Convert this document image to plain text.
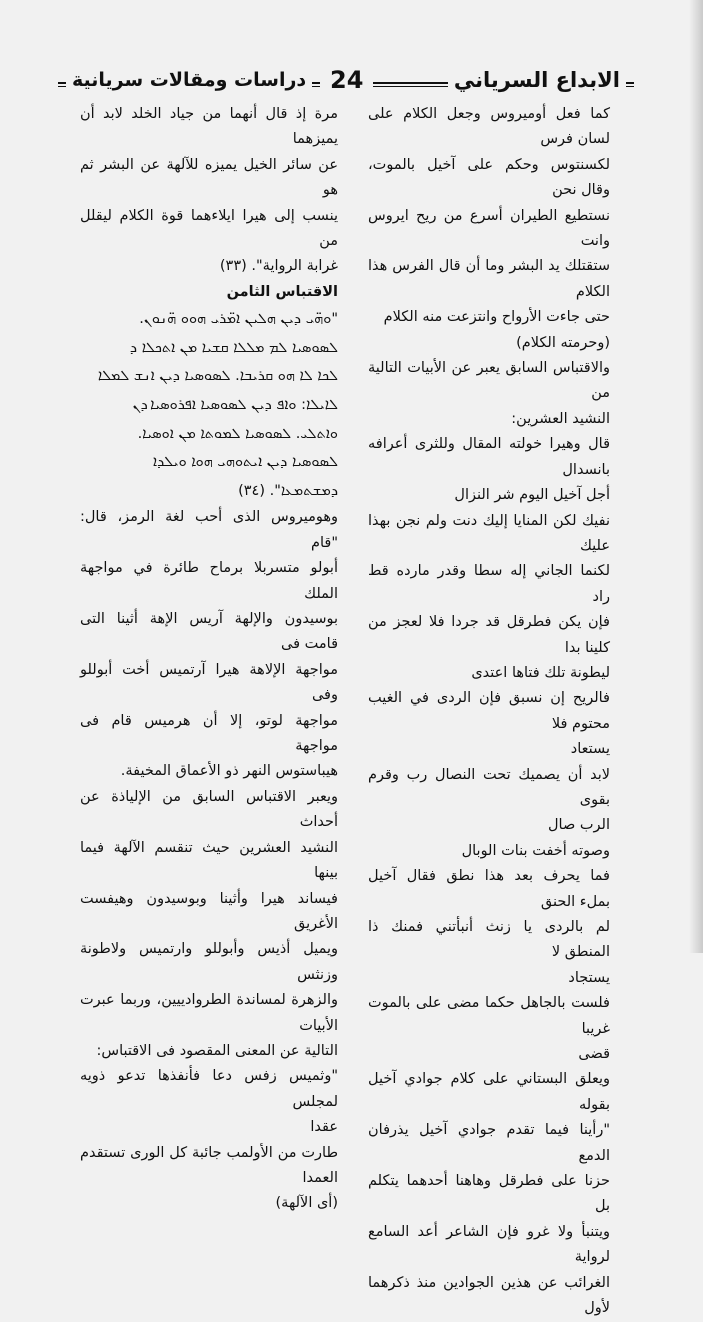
الابداع السرياني
24
دراسات ومقالات سريانية

كما فعل أوميروس وجعل الكلام على لسان فرس

لكسنتوس وحكم على آخيل بالموت، وقال نحن

نستطيع الطيران أسرع من ريح ايروس وانت

ستقتلك يد البشر وما أن قال الفرس هذا الكلام

حتى جاءت الأرواح وانتزعت منه الكلام

(وحرمته الكلام)

والاقتباس السابق يعبر عن الأبيات التالية من

النشيد العشرين:

قال وهيرا خولته المقال وللثرى أعرافه بانسدال

أجل آخيل اليوم شر النزال

نفيك لكن المنايا إليك دنت ولم نجن بهذا عليك

لكنما الجاني إله سطا وقدر مارده قط راد

فإن يكن فطرقل قد جردا فلا لعجز من كلينا بدا

ليطونة تلك فتاها اعتدى

فالريح إن نسبق فإن الردى في الغيب محتوم فلا

يستعاد

لابد أن يصميك تحت النصال رب وقرم بقوى

الرب صال

وصوته أخفت بنات الوبال

فما يحرف بعد هذا نطق فقال آخيل بملء الحنق

لم بالردى يا زنث أنبأتني فمنك ذا المنطق لا

يستجاد

فلست بالجاهل حكما مضى على بالموت غريبا

قضى

ويعلق البستاني على كلام جوادي آخيل بقوله

"رأينا فيما تقدم جوادي آخيل يذرفان الدمع

حزنا على فطرقل وهاهنا أحدهما يتكلم بل

ويتنبأ ولا غرو فإن الشاعر أعد السامع لرواية

الغرائب عن هذين الجوادين منذ ذكرهما لأول

مرة إذ قال أنهما من جياد الخلد لابد أن يميزهما

عن سائر الخيل يميزه للآلهة عن البشر ثم هو

ينسب إلى هيرا ايلاءهما قوة الكلام ليقلل من

غرابة الرواية". (٣٣)

الاقتباس الثامن

"ܘܗ̈ܝ ܕܝܢ ܗܠܝܢ ܐܡ̈ܪܝ ܗܘܘ ܗ̈ܢܘܢ.

ܠܣܘܣܝܐ ܠܡ ܡܠܠܐ ܩܫܝܐ ܡܢ ܐܬܟܠܐ ܕ

ܠܟܐ ܠܐ ܗܘ ܩܪܝܒܐ. ܠܣܘܣܝܐ ܕܝܢ ܐܢܫ ܠܡܠܐ

ܠܐܝܠܐ: ܘܐܦ ܕܝܢ ܠܣܘܣܝܐ ܐܦܪܘܣܝܐ ܕܢ

ܘܐܬܠܝ. ܠܣܘܣܝܐ ܠܡܘܬܐ ܡܢ ܐܘܣܝܐ.

ܠܣܘܣܝܐ ܕܝܢ ܐܝܬܘܗܝ ܗܘܐ ܘܝܠܕܐ

ܕܡܫܬܡܥܐ". (٣٤)

وهوميروس الذى أحب لغة الرمز، قال: "قام

أبولو متسربلا برماح طائرة في مواجهة الملك

بوسيدون والإلهة آريس الإهة أثينا التى قامت فى

مواجهة الإلاهة هيرا آرتميس أخت أبوللو وفى

مواجهة لوتو، إلا أن هرميس قام فى مواجهة

هيباستوس النهر ذو الأعماق المخيفة.

ويعبر الاقتباس السابق من الإلياذة عن أحداث

النشيد العشرين حيث تنقسم الآلهة فيما بينها

فيساند هيرا وأثينا وبوسيدون وهيفست الأغريق

ويميل أذيس وأبوللو وارتميس ولاطونة وزنثس

والزهرة لمساندة الطروادييين، وربما عبرت الأبيات

التالية عن المعنى المقصود فى الاقتباس:

"وثميس زفس دعا فأنفذها تدعو ذويه لمجلس

عقدا

طارت من الأولمب جائبة كل الورى تستقدم العمدا

(أى الآلهة)
